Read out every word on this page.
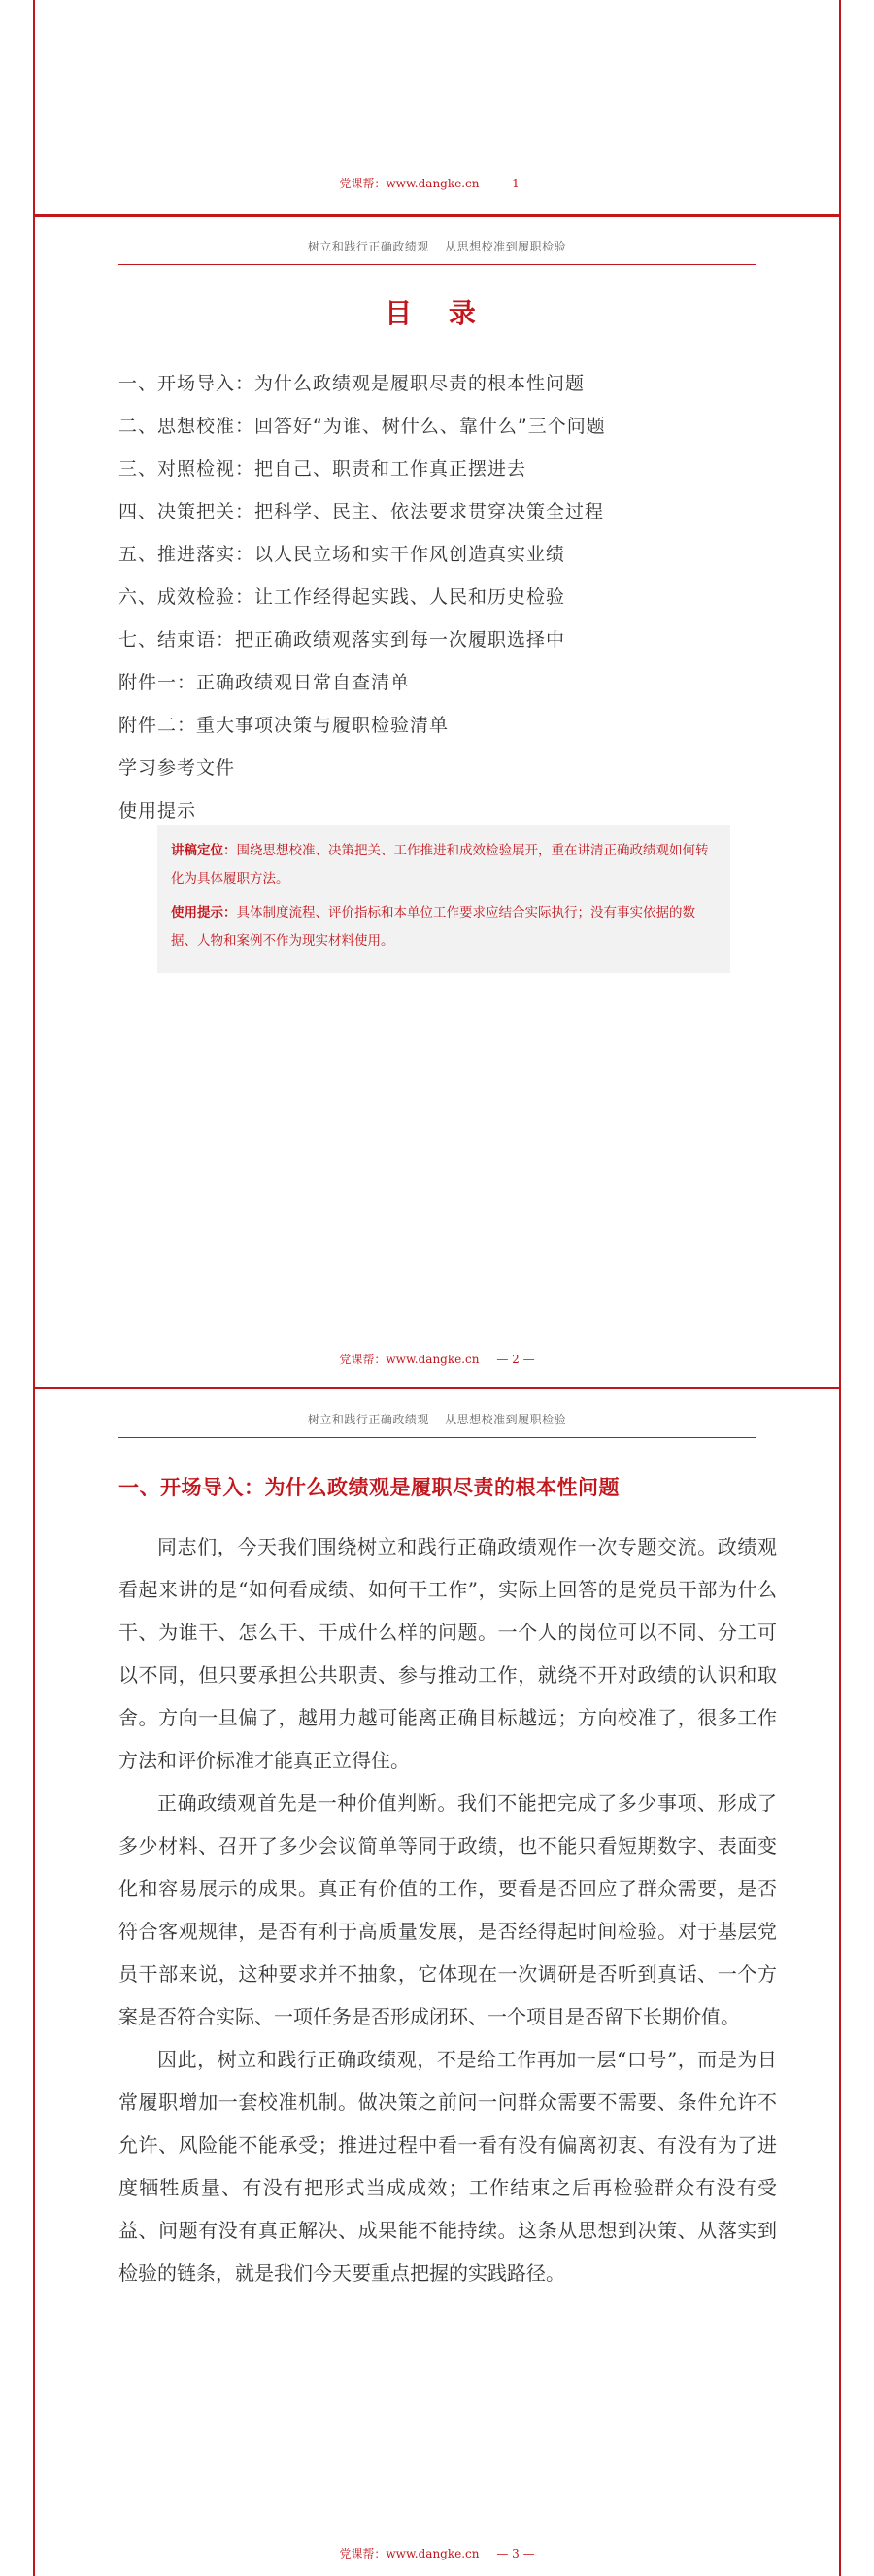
党课帮：www.dangke.cn — 1 —
树立和践行正确政绩观 从思想校准到履职检验
目 录
一、开场导入：为什么政绩观是履职尽责的根本性问题
二、思想校准：回答好“为谁、树什么、靠什么”三个问题
三、对照检视：把自己、职责和工作真正摆进去
四、决策把关：把科学、民主、依法要求贯穿决策全过程
五、推进落实：以人民立场和实干作风创造真实业绩
六、成效检验：让工作经得起实践、人民和历史检验
七、结束语：把正确政绩观落实到每一次履职选择中
附件一：正确政绩观日常自查清单
附件二：重大事项决策与履职检验清单
学习参考文件
使用提示

讲稿定位：围绕思想校准、决策把关、工作推进和成效检验展开，重在讲清正确政绩观如何转化为具体履职方法。

使用提示：具体制度流程、评价指标和本单位工作要求应结合实际执行；没有事实依据的数据、人物和案例不作为现实材料使用。

党课帮：www.dangke.cn — 2 —
树立和践行正确政绩观 从思想校准到履职检验
一、开场导入：为什么政绩观是履职尽责的根本性问题

同志们，今天我们围绕树立和践行正确政绩观作一次专题交流。政绩观看起来讲的是“如何看成绩、如何干工作”，实际上回答的是党员干部为什么干、为谁干、怎么干、干成什么样的问题。一个人的岗位可以不同、分工可以不同，但只要承担公共职责、参与推动工作，就绕不开对政绩的认识和取舍。方向一旦偏了，越用力越可能离正确目标越远；方向校准了，很多工作方法和评价标准才能真正立得住。

正确政绩观首先是一种价值判断。我们不能把完成了多少事项、形成了多少材料、召开了多少会议简单等同于政绩，也不能只看短期数字、表面变化和容易展示的成果。真正有价值的工作，要看是否回应了群众需要，是否符合客观规律，是否有利于高质量发展，是否经得起时间检验。对于基层党员干部来说，这种要求并不抽象，它体现在一次调研是否听到真话、一个方案是否符合实际、一项任务是否形成闭环、一个项目是否留下长期价值。

因此，树立和践行正确政绩观，不是给工作再加一层“口号”，而是为日常履职增加一套校准机制。做决策之前问一问群众需要不需要、条件允许不允许、风险能不能承受；推进过程中看一看有没有偏离初衷、有没有为了进度牺牲质量、有没有把形式当成成效；工作结束之后再检验群众有没有受益、问题有没有真正解决、成果能不能持续。这条从思想到决策、从落实到检验的链条，就是我们今天要重点把握的实践路径。

党课帮：www.dangke.cn — 3 —
